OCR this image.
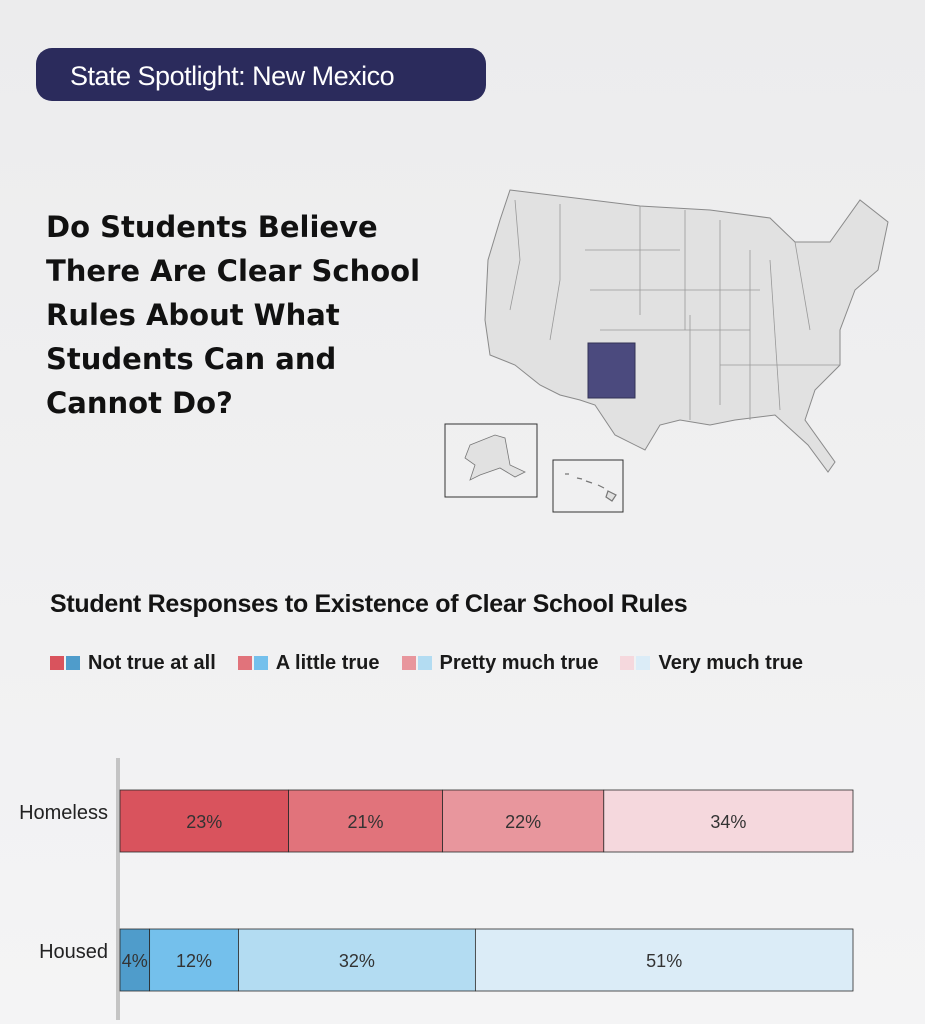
State Spotlight: New Mexico
Do Students Believe There Are Clear School Rules About What Students Can and Cannot Do?
Student Responses to Existence of Clear School Rules
Not true at all	A little true	Pretty much true	Very much true
Homeless	23%	21%	22%	34%
Housed 4% 12%	32%	51%
